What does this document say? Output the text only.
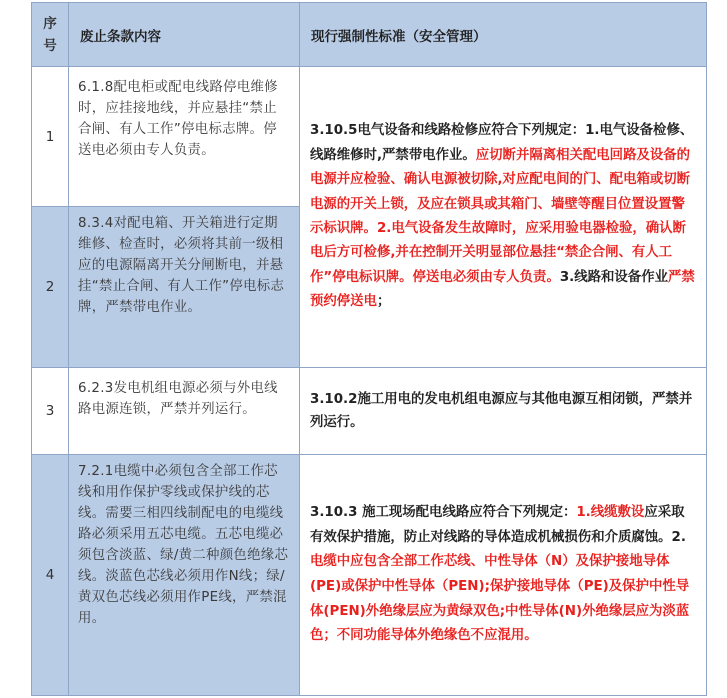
序
号
废止条款内容	现行强制性标准（安全管理）
1
6.1.8配电柜或配电线路停电维修时，应挂接地线，并应悬挂“禁止合闸、有人工作”停电标志牌。停送电必须由专人负责。
2
8.3.4对配电箱、开关箱进行定期维修、检查时，必须将其前一级相应的电源隔离开关分闸断电，并悬挂“禁止合闸、有人工作”停电标志牌，严禁带电作业。
3.10.5电气设备和线路检修应符合下列规定：1.电气设备检修、线路维修时,严禁带电作业。应切断并隔离相关配电回路及设备的电源并应检验、确认电源被切除,对应配电间的门、配电箱或切断电源的开关上锁，及应在锁具或其箱门、墙壁等醒目位置设置警示标识牌。2.电气设备发生故障时，应采用验电器检验，确认断电后方可检修,并在控制开关明显部位悬挂“禁企合闸、有人工作”停电标识牌。停送电必须由专人负责。3.线路和设备作业严禁预约停送电；
3
6.2.3发电机组电源必须与外电线路电源连锁，严禁并列运行。
3.10.2施工用电的发电机组电源应与其他电源互相闭锁，严禁并列运行。
4
7.2.1电缆中必须包含全部工作芯线和用作保护零线或保护线的芯线。需要三相四线制配电的电缆线路必须采用五芯电缆。五芯电缆必须包含淡蓝、绿/黄二种颜色绝缘芯线。淡蓝色芯线必须用作N线；绿/黄双色芯线必须用作PE线，严禁混用。
3.10.3 施工现场配电线路应符合下列规定：1.线缆敷设应采取有效保护措施，防止对线路的导体造成机械损伤和介质腐蚀。2.电缆中应包含全部工作芯线、中性导体（N）及保护接地导体(PE)或保护中性导体（PEN);保护接地导体（PE)及保护中性导体(PEN)外绝缘层应为黄绿双色;中性导体(N)外绝缘层应为淡蓝色；不同功能导体外绝缘色不应混用。
